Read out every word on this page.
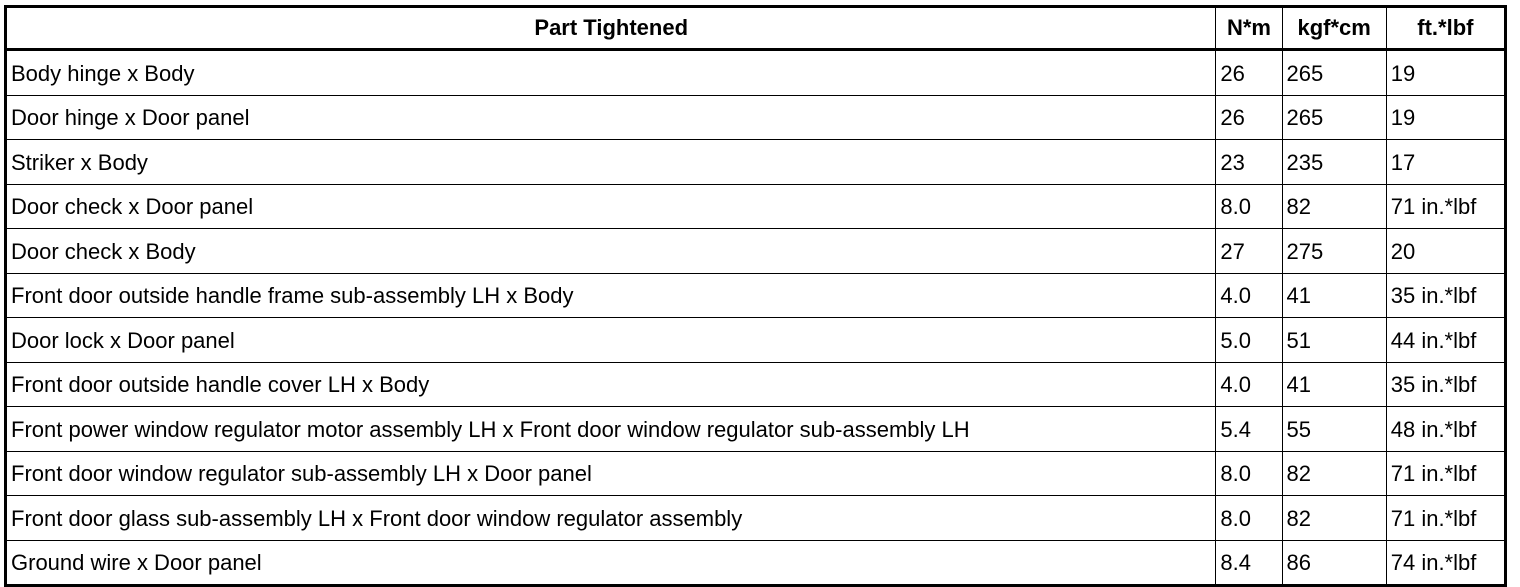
Part Tightened	N*m	kgf*cm	ft.*lbf
Body hinge x Body	26	265	19
Door hinge x Door panel	26	265	19
Striker x Body	23	235	17
Door check x Door panel	8.0	82	71 in.*lbf
Door check x Body	27	275	20
Front door outside handle frame sub-assembly LH x Body	4.0	41	35 in.*lbf
Door lock x Door panel	5.0	51	44 in.*lbf
Front door outside handle cover LH x Body	4.0	41	35 in.*lbf
Front power window regulator motor assembly LH x Front door window regulator sub-assembly LH	5.4	55	48 in.*lbf
Front door window regulator sub-assembly LH x Door panel	8.0	82	71 in.*lbf
Front door glass sub-assembly LH x Front door window regulator assembly	8.0	82	71 in.*lbf
Ground wire x Door panel	8.4	86	74 in.*lbf
